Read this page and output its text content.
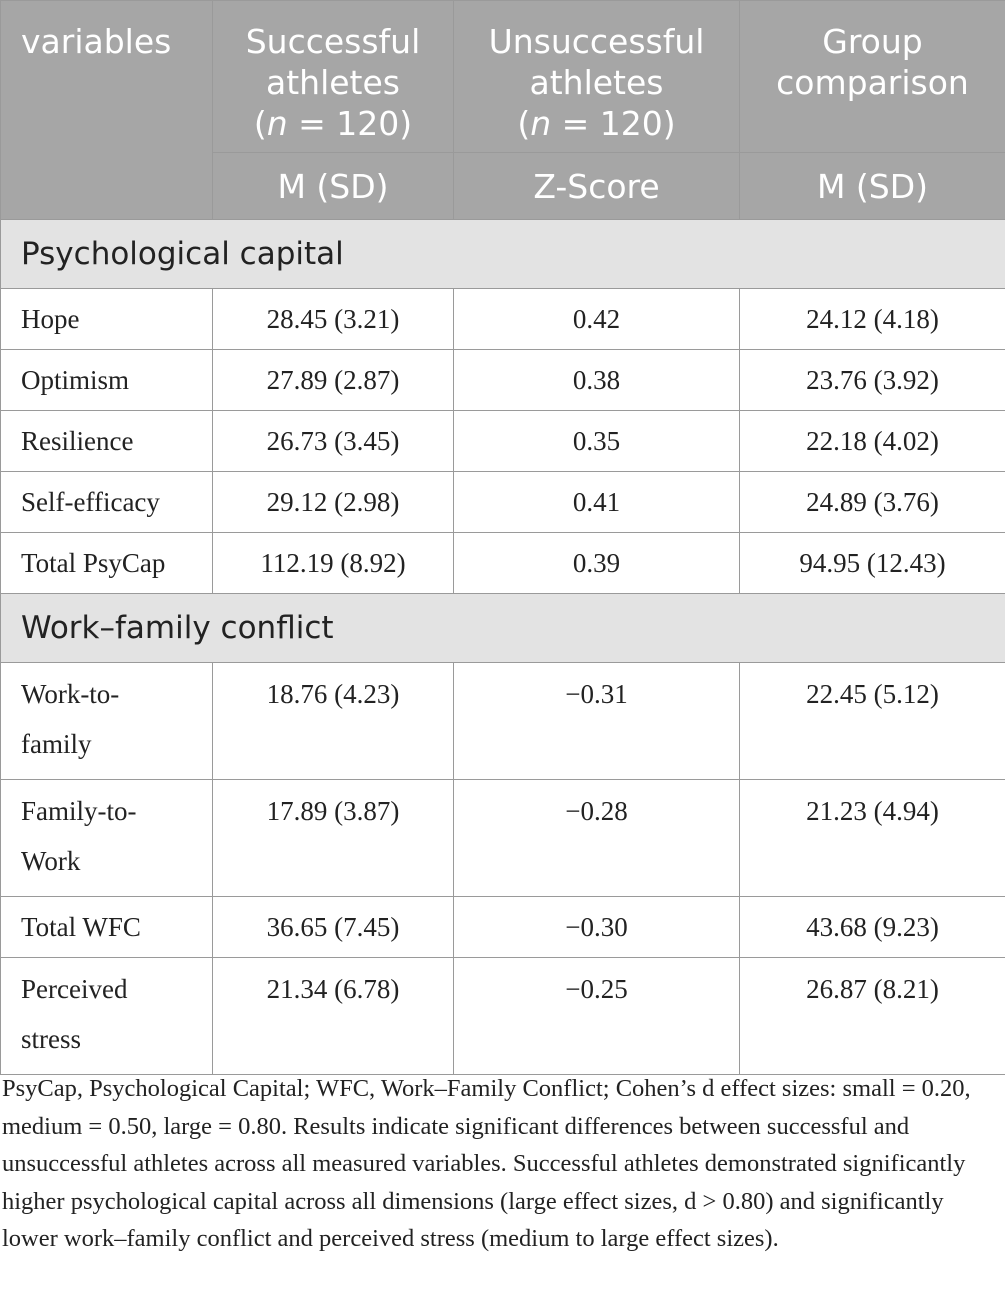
variables	Successful
athletes
(n = 120)	Unsuccessful
athletes
(n = 120)	Group
comparison
	M (SD)	Z-Score	M (SD)
Psychological capital			
Hope	28.45 (3.21)	0.42	24.12 (4.18)
Optimism	27.89 (2.87)	0.38	23.76 (3.92)
Resilience	26.73 (3.45)	0.35	22.18 (4.02)
Self-efficacy	29.12 (2.98)	0.41	24.89 (3.76)
Total PsyCap	112.19 (8.92)	0.39	94.95 (12.43)
Work–family conflict			
Work-to-family	18.76 (4.23)	−0.31	22.45 (5.12)
Family-to-Work	17.89 (3.87)	−0.28	21.23 (4.94)
Total WFC	36.65 (7.45)	−0.30	43.68 (9.23)
Perceived stress	21.34 (6.78)	−0.25	26.87 (8.21)

PsyCap, Psychological Capital; WFC, Work–Family Conflict; Cohen’s d effect sizes: small = 0.20, medium = 0.50, large = 0.80. Results indicate significant differences between successful and unsuccessful athletes across all measured variables. Successful athletes demonstrated significantly higher psychological capital across all dimensions (large effect sizes, d > 0.80) and significantly lower work–family conflict and perceived stress (medium to large effect sizes).
